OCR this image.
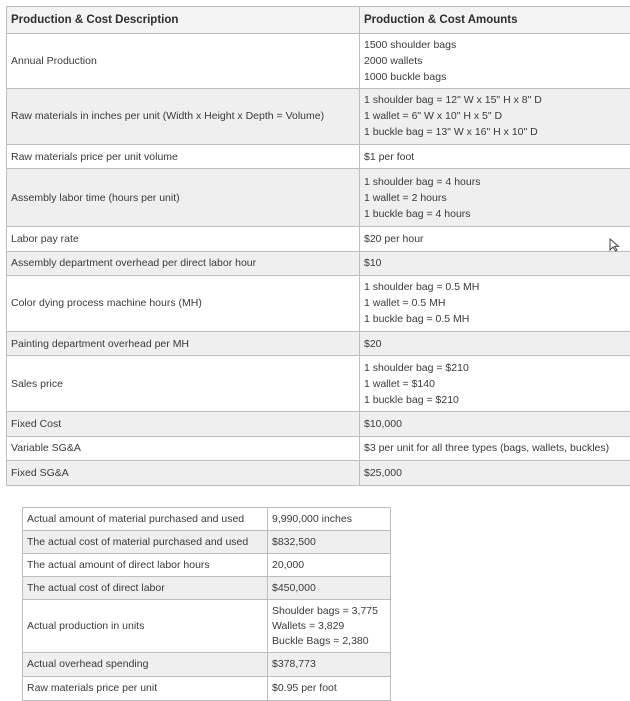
Production & Cost Description	Production & Cost Amounts
Annual Production	1500 shoulder bags
2000 wallets
1000 buckle bags

Raw materials in inches per unit (Width x Height x Depth = Volume)	1 shoulder bag = 12" W x 15" H x 8" D
1 wallet = 6" W x 10" H x 5" D
1 buckle bag = 13" W x 16" H x 10" D

Raw materials price per unit volume	$1 per foot

Assembly labor time (hours per unit)	1 shoulder bag = 4 hours
1 wallet = 2 hours
1 buckle bag = 4 hours

Labor pay rate	$20 per hour

Assembly department overhead per direct labor hour	$10

Color dying process machine hours (MH)	1 shoulder bag = 0.5 MH
1 wallet = 0.5 MH
1 buckle bag = 0.5 MH

Painting department overhead per MH	$20

Sales price	1 shoulder bag = $210
1 wallet = $140
1 buckle bag = $210

Fixed Cost	$10,000

Variable SG&A	$3 per unit for all three types (bags, wallets, buckles)

Fixed SG&A	$25,000
Actual amount of material purchased and used	9,990,000 inches

The actual cost of material purchased and used	$832,500

The actual amount of direct labor hours	20,000

The actual cost of direct labor	$450,000

Actual production in units	Shoulder bags = 3,775
Wallets = 3,829
Buckle Bags = 2,380

Actual overhead spending	$378,773

Raw materials price per unit	$0.95 per foot
